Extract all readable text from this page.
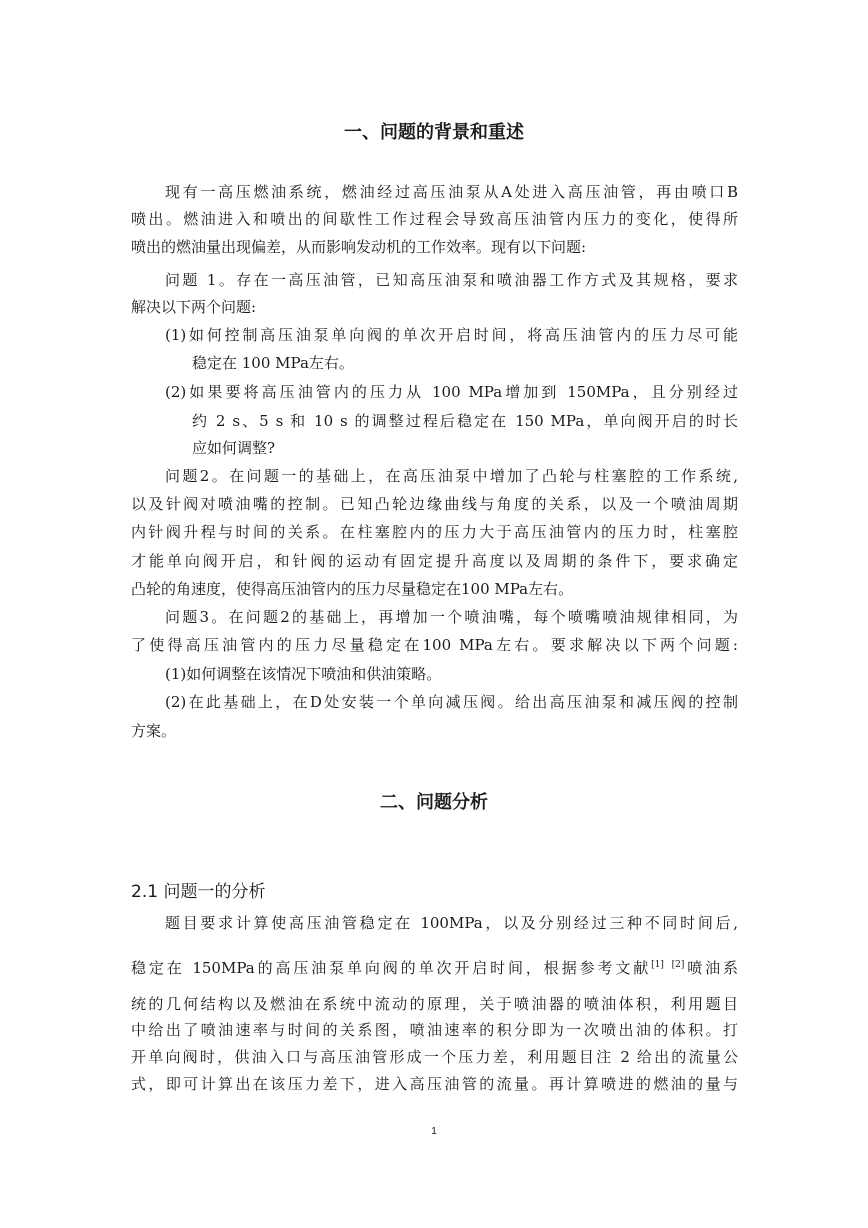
一、问题的背景和重述
现有一高压燃油系统，燃油经过高压油泵从A处进入高压油管，再由喷口B
喷出。燃油进入和喷出的间歇性工作过程会导致高压油管内压力的变化，使得所
喷出的燃油量出现偏差，从而影响发动机的工作效率。现有以下问题:
问题 1。存在一高压油管，已知高压油泵和喷油器工作方式及其规格，要求
解决以下两个问题:
(1)如何控制高压油泵单向阀的单次开启时间，将高压油管内的压力尽可能
稳定在 100 MPa左右。
(2)如果要将高压油管内的压力从 100 MPa增加到 150MPa，且分别经过
约 2 s、5 s 和 10 s 的调整过程后稳定在 150 MPa，单向阀开启的时长
应如何调整?
问题2。在问题一的基础上，在高压油泵中增加了凸轮与柱塞腔的工作系统,
以及针阀对喷油嘴的控制。已知凸轮边缘曲线与角度的关系，以及一个喷油周期
内针阀升程与时间的关系。在柱塞腔内的压力大于高压油管内的压力时，柱塞腔
才能单向阀开启，和针阀的运动有固定提升高度以及周期的条件下，要求确定
凸轮的角速度，使得高压油管内的压力尽量稳定在100 MPa左右。
问题3。在问题2的基础上，再增加一个喷油嘴，每个喷嘴喷油规律相同，为
了使得高压油管内的压力尽量稳定在100 MPa左右。要求解决以下两个问题:
(1)如何调整在该情况下喷油和供油策略。
(2)在此基础上，在D处安装一个单向减压阀。给出高压油泵和减压阀的控制
方案。
二、问题分析
2.1 问题一的分析
题目要求计算使高压油管稳定在 100MPa，以及分别经过三种不同时间后,
稳定在 150MPa的高压油泵单向阀的单次开启时间，根据参考文献[1] [2]喷油系
统的几何结构以及燃油在系统中流动的原理，关于喷油器的喷油体积，利用题目
中给出了喷油速率与时间的关系图，喷油速率的积分即为一次喷出油的体积。打
开单向阀时，供油入口与高压油管形成一个压力差，利用题目注 2 给出的流量公
式，即可计算出在该压力差下，进入高压油管的流量。再计算喷进的燃油的量与
1
